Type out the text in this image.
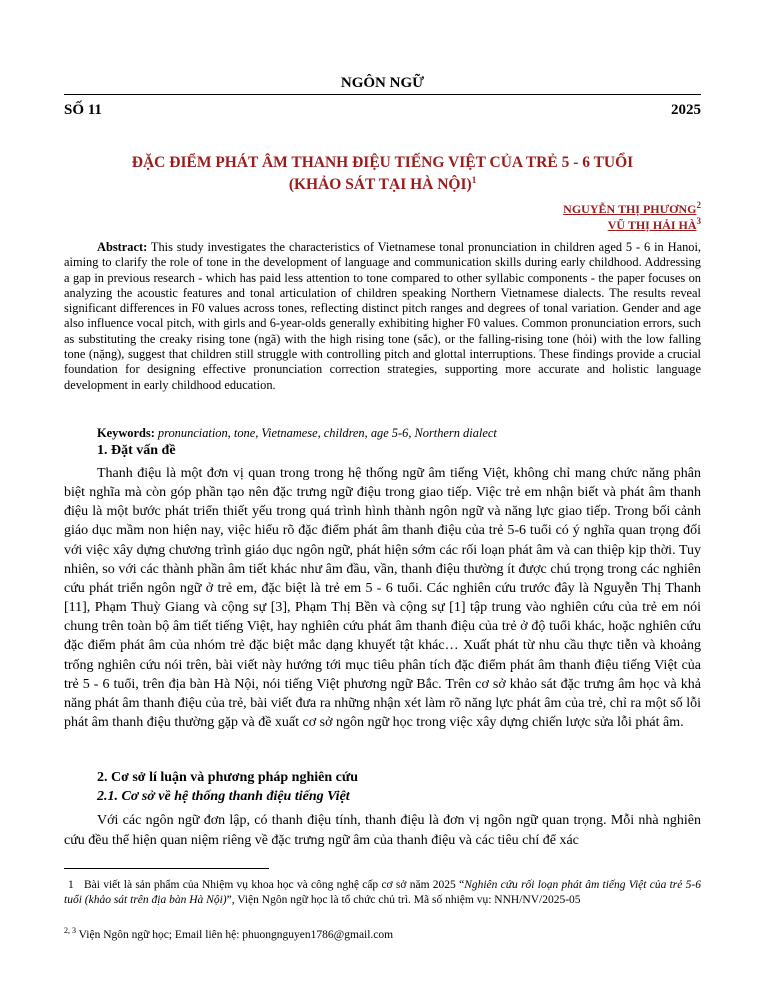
NGÔN NGỮ
SỐ 11	2025
ĐẶC ĐIỂM PHÁT ÂM THANH ĐIỆU TIẾNG VIỆT CỦA TRẺ 5 - 6 TUỔI
(KHẢO SÁT TẠI HÀ NỘI)$^1$
NGUYỄN THỊ PHƯƠNG$^2$
VŨ THỊ HẢI $HÀ^3$

Abstract: This study investigates the characteristics of Vietnamese tonal pronunciation in children aged 5 - 6 in Hanoi, aiming to clarify the role of tone in the development of language and communication skills during early childhood. Addressing a gap in previous research - which has paid less attention to tone compared to other syllabic components - the paper focuses on analyzing the acoustic features and tonal articulation of children speaking Northern Vietnamese dialects. The results reveal significant differences in F0 values across tones, reflecting distinct pitch ranges and degrees of tonal variation. Gender and age also influence vocal pitch, with girls and 6-year-olds generally exhibiting higher F0 values. Common pronunciation errors, such as substituting the creaky rising tone (ngã) with the high rising tone (sắc), or the falling-rising tone (hỏi) with the low falling tone (nặng), suggest that children still struggle with controlling pitch and glottal interruptions. These findings provide a crucial foundation for designing effective pronunciation correction strategies, supporting more accurate and holistic language development in early childhood education.

Keywords: pronunciation, tone, Vietnamese, children, age 5-6, Northern dialect

1. Đặt vấn đề

Thanh điệu là một đơn vị quan trong trong hệ thống ngữ âm tiếng Việt, không chỉ mang chức năng phân biệt nghĩa mà còn góp phần tạo nên đặc trưng ngữ điệu trong giao tiếp. Việc trẻ em nhận biết và phát âm thanh điệu là một bước phát triển thiết yếu trong quá trình hình thành ngôn ngữ và năng lực giao tiếp. Trong bối cảnh giáo dục mầm non hiện nay, việc hiểu rõ đặc điểm phát âm thanh điệu của trẻ 5-6 tuổi có ý nghĩa quan trọng đối với việc xây dựng chương trình giáo dục ngôn ngữ, phát hiện sớm các rối loạn phát âm và can thiệp kịp thời. Tuy nhiên, so với các thành phần âm tiết khác như âm đầu, vần, thanh điệu thường ít được chú trọng trong các nghiên cứu phát triển ngôn ngữ ở trẻ em, đặc biệt là trẻ em 5 - 6 tuổi. Các nghiên cứu trước đây là Nguyễn Thị Thanh [11], Phạm Thuỳ Giang và cộng sự [3], Phạm Thị Bền và cộng sự [1] tập trung vào nghiên cứu của trẻ em nói chung trên toàn bộ âm tiết tiếng Việt, hay nghiên cứu phát âm thanh điệu của trẻ ở độ tuổi khác, hoặc nghiên cứu đặc điểm phát âm của nhóm trẻ đặc biệt mắc dạng khuyết tật khác… Xuất phát từ nhu cầu thực tiễn và khoảng trống nghiên cứu nói trên, bài viết này hướng tới mục tiêu phân tích đặc điểm phát âm thanh điệu tiếng Việt của trẻ 5 - 6 tuổi, trên địa bàn Hà Nội, nói tiếng Việt phương ngữ Bắc. Trên cơ sở khảo sát đặc trưng âm học và khả năng phát âm thanh điệu của trẻ, bài viết đưa ra những nhận xét làm rõ năng lực phát âm của trẻ, chỉ ra một số lỗi phát âm thanh điệu thường gặp và đề xuất cơ sở ngôn ngữ học trong việc xây dựng chiến lược sửa lỗi phát âm.

2. Cơ sở lí luận và phương pháp nghiên cứu
2.1. Cơ sở về hệ thống thanh điệu tiếng Việt

Với các ngôn ngữ đơn lập, có thanh điệu tính, thanh điệu là đơn vị ngôn ngữ quan trọng. Mỗi nhà nghiên cứu đều thể hiện quan niệm riêng về đặc trưng ngữ âm của thanh điệu và các tiêu chí để xác

1 Bài viết là sản phẩm của Nhiệm vụ khoa học và công nghệ cấp cơ sở năm 2025 “Nghiên cứu rối loạn phát âm tiếng Việt của trẻ 5-6 tuổi (khảo sát trên địa bàn Hà Nội)”, Viện Ngôn ngữ học là tổ chức chủ trì. Mã số nhiệm vụ: NNH/NV/2025-05

$^{2, 3}$ Viện Ngôn ngữ học; Email liên hệ: phuongnguyen1786@gmail.com
